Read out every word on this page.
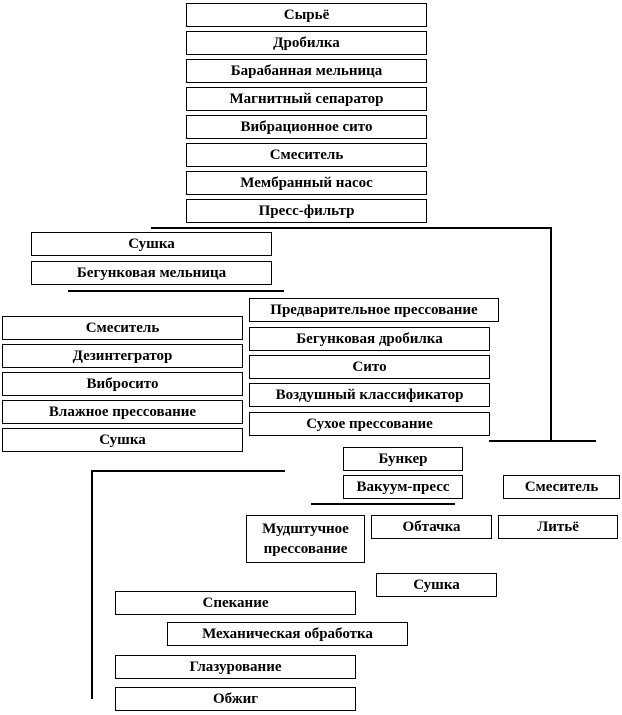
Сырьё
Дробилка
Барабанная мельница
Магнитный сепаратор
Вибрационное сито
Смеситель
Мембранный насос
Пресс-фильтр
Сушка
Бегунковая мельница
Смеситель
Дезинтегратор
Вибросито
Влажное прессование
Сушка
Предварительное прессование
Бегунковая дробилка
Сито
Воздушный классификатор
Сухое прессование
Бункер
Вакуум-пресс	Смеситель
Мудштучное прессование
Обтачка	Литьё
Сушка
Спекание
Механическая обработка
Глазурование
Обжиг
